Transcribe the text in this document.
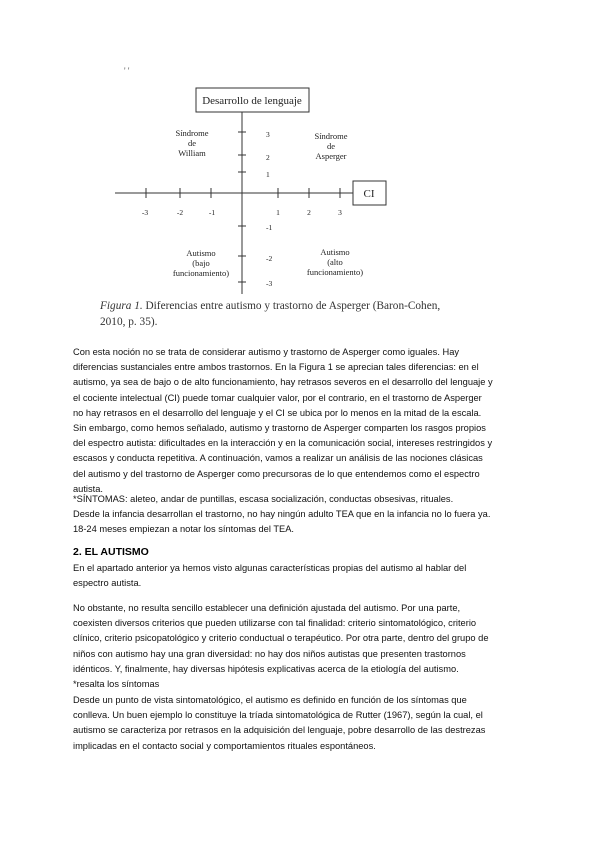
' '
Desarrollo de lenguaje
CI
3
2
1
-1
-2
-3
-3	-2	-1	1	2	3
Síndrome
de
William
Síndrome
de
Asperger
Autismo
(bajo
funcionamiento)
Autismo
(alto
funcionamiento)
Figura 1. Diferencias entre autismo y trastorno de Asperger (Baron-Cohen, 2010, p. 35).

Con esta noción no se trata de considerar autismo y trastorno de Asperger como iguales. Hay

diferencias sustanciales entre ambos trastornos. En la Figura 1 se aprecian tales diferencias: en el

autismo, ya sea de bajo o de alto funcionamiento, hay retrasos severos en el desarrollo del lenguaje y

el cociente intelectual (CI) puede tomar cualquier valor, por el contrario, en el trastorno de Asperger

no hay retrasos en el desarrollo del lenguaje y el CI se ubica por lo menos en la mitad de la escala.

Sin embargo, como hemos señalado, autismo y trastorno de Asperger comparten los rasgos propios

del espectro autista: dificultades en la interacción y en la comunicación social, intereses restringidos y

escasos y conducta repetitiva. A continuación, vamos a realizar un análisis de las nociones clásicas

del autismo y del trastorno de Asperger como precursoras de lo que entendemos como el espectro

autista.

*SÍNTOMAS: aleteo, andar de puntillas, escasa socialización, conductas obsesivas, rituales.

Desde la infancia desarrollan el trastorno, no hay ningún adulto TEA que en la infancia no lo fuera ya.

18-24 meses empiezan a notar los síntomas del TEA.

2. EL AUTISMO

En el apartado anterior ya hemos visto algunas características propias del autismo al hablar del

espectro autista.

No obstante, no resulta sencillo establecer una definición ajustada del autismo. Por una parte,

coexisten diversos criterios que pueden utilizarse con tal finalidad: criterio sintomatológico, criterio

clínico, criterio psicopatológico y criterio conductual o terapéutico. Por otra parte, dentro del grupo de

niños con autismo hay una gran diversidad: no hay dos niños autistas que presenten trastornos

idénticos. Y, finalmente, hay diversas hipótesis explicativas acerca de la etiología del autismo.

*resalta los síntomas

Desde un punto de vista sintomatológico, el autismo es definido en función de los síntomas que

conlleva. Un buen ejemplo lo constituye la tríada sintomatológica de Rutter (1967), según la cual, el

autismo se caracteriza por retrasos en la adquisición del lenguaje, pobre desarrollo de las destrezas

implicadas en el contacto social y comportamientos rituales espontáneos.
